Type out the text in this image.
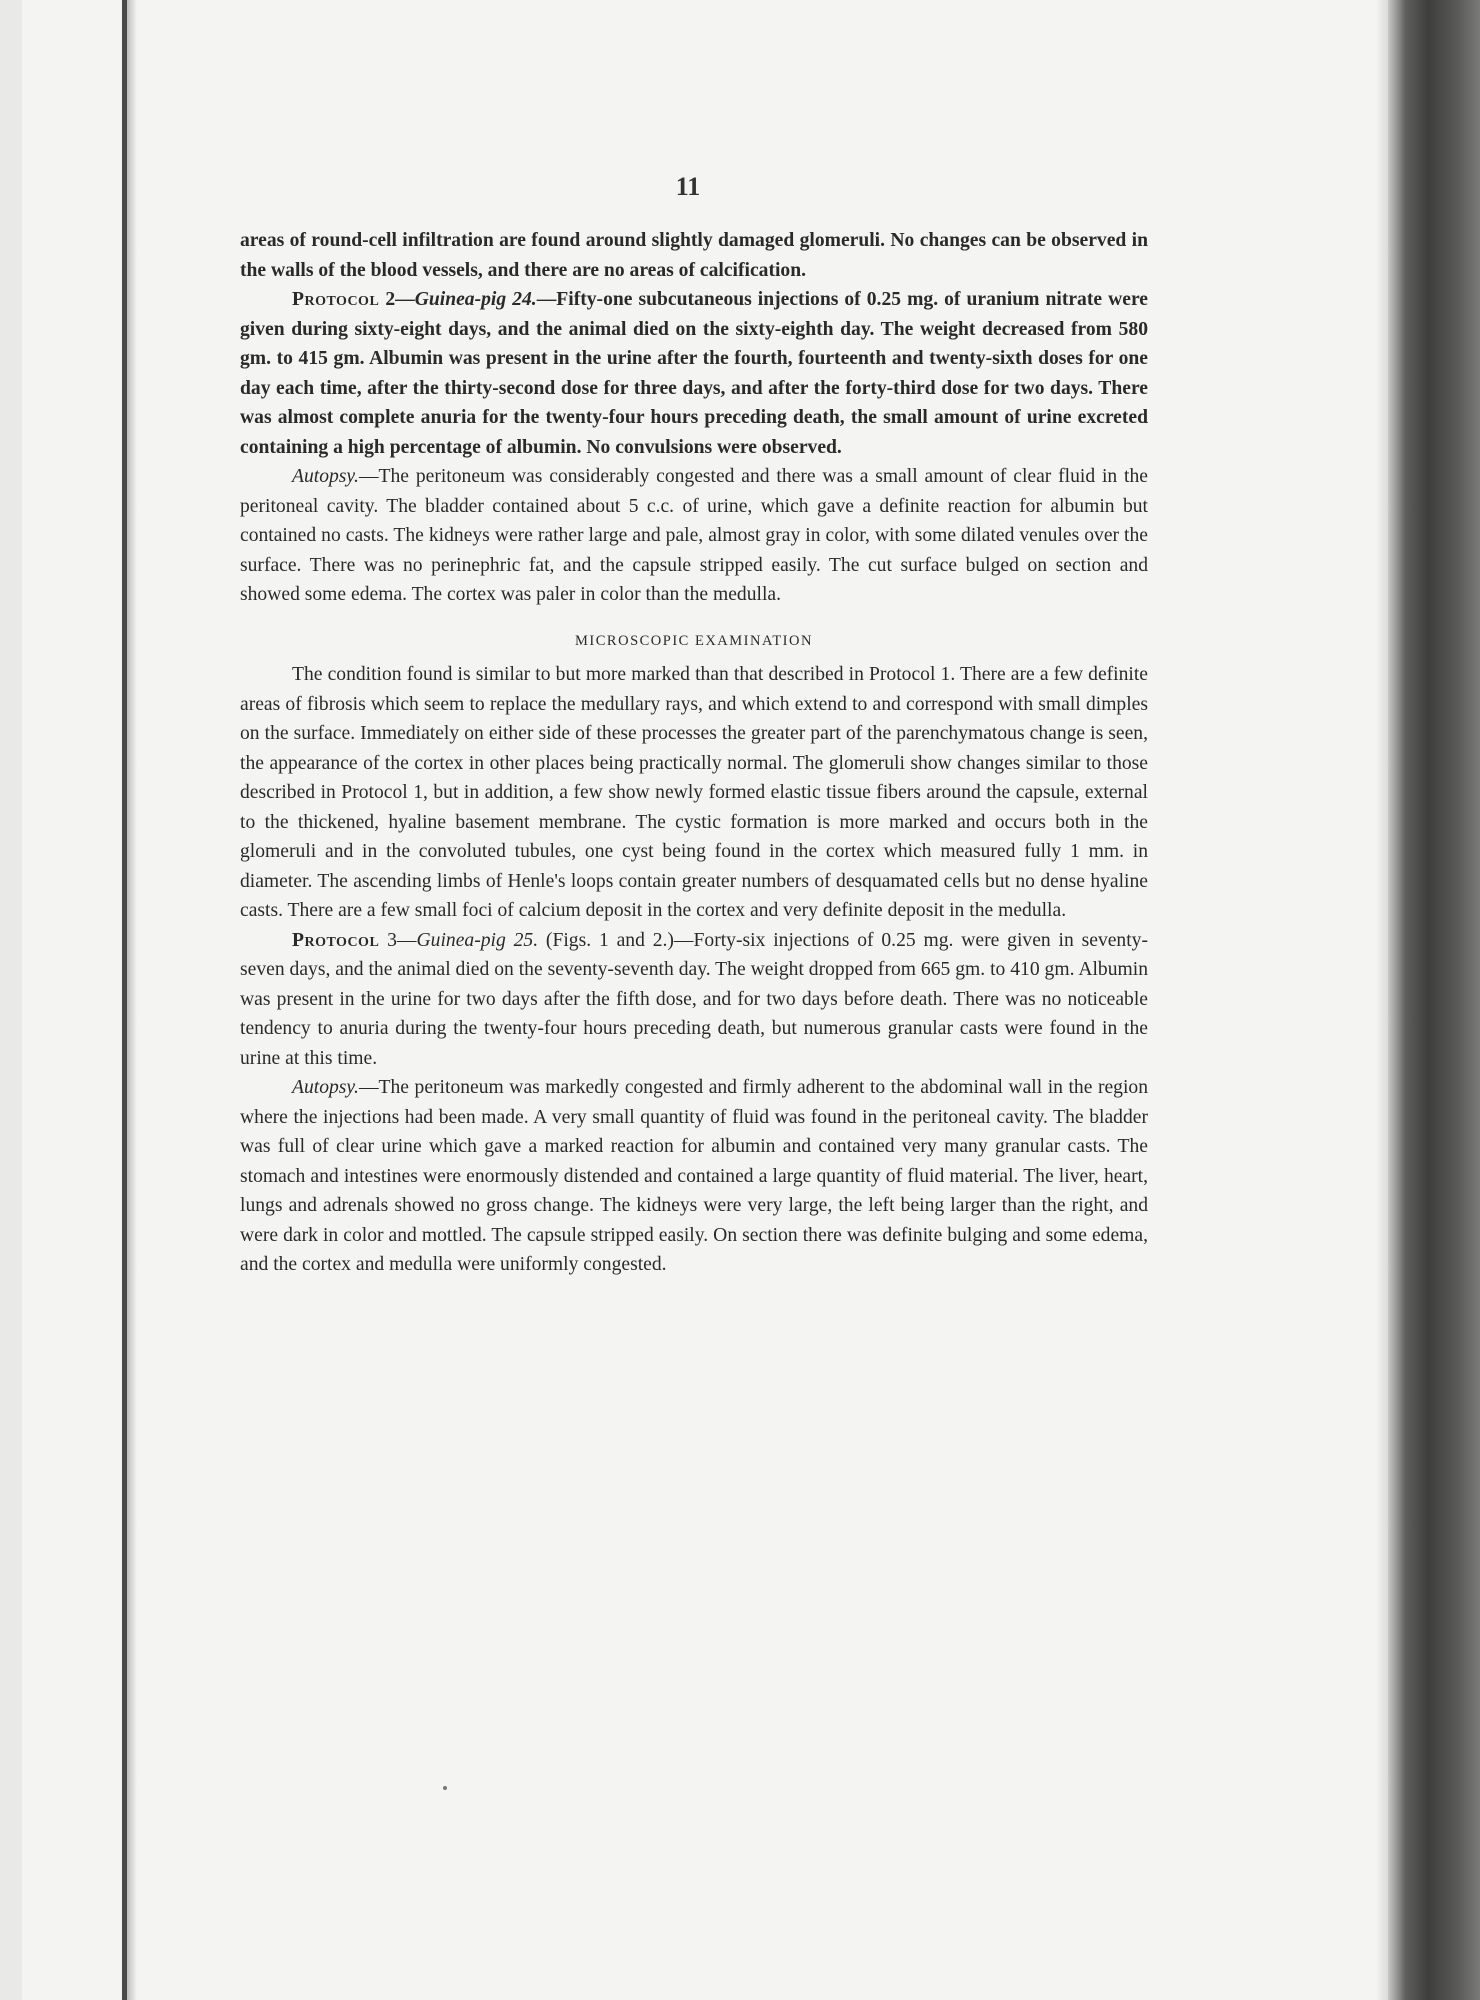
11

areas of round-cell infiltration are found around slightly damaged glomeruli. No changes can be observed in the walls of the blood vessels, and there are no areas of calcification.

Protocol 2—Guinea-pig 24.—Fifty-one subcutaneous injections of 0.25 mg. of uranium nitrate were given during sixty-eight days, and the animal died on the sixty-eighth day. The weight decreased from 580 gm. to 415 gm. Albumin was present in the urine after the fourth, fourteenth and twenty-sixth doses for one day each time, after the thirty-second dose for three days, and after the forty-third dose for two days. There was almost complete anuria for the twenty-four hours preceding death, the small amount of urine excreted containing a high percentage of albumin. No convulsions were observed.

Autopsy.—The peritoneum was considerably congested and there was a small amount of clear fluid in the peritoneal cavity. The bladder contained about 5 c.c. of urine, which gave a definite reaction for albumin but contained no casts. The kidneys were rather large and pale, almost gray in color, with some dilated venules over the surface. There was no perinephric fat, and the capsule stripped easily. The cut surface bulged on section and showed some edema. The cortex was paler in color than the medulla.

MICROSCOPIC EXAMINATION

The condition found is similar to but more marked than that described in Protocol 1. There are a few definite areas of fibrosis which seem to replace the medullary rays, and which extend to and correspond with small dimples on the surface. Immediately on either side of these processes the greater part of the parenchymatous change is seen, the appearance of the cortex in other places being practically normal. The glomeruli show changes similar to those described in Protocol 1, but in addition, a few show newly formed elastic tissue fibers around the capsule, external to the thickened, hyaline basement membrane. The cystic formation is more marked and occurs both in the glomeruli and in the convoluted tubules, one cyst being found in the cortex which measured fully 1 mm. in diameter. The ascending limbs of Henle's loops contain greater numbers of desquamated cells but no dense hyaline casts. There are a few small foci of calcium deposit in the cortex and very definite deposit in the medulla.

Protocol 3—Guinea-pig 25. (Figs. 1 and 2.)—Forty-six injections of 0.25 mg. were given in seventy-seven days, and the animal died on the seventy-seventh day. The weight dropped from 665 gm. to 410 gm. Albumin was present in the urine for two days after the fifth dose, and for two days before death. There was no noticeable tendency to anuria during the twenty-four hours preceding death, but numerous granular casts were found in the urine at this time.

Autopsy.—The peritoneum was markedly congested and firmly adherent to the abdominal wall in the region where the injections had been made. A very small quantity of fluid was found in the peritoneal cavity. The bladder was full of clear urine which gave a marked reaction for albumin and contained very many granular casts. The stomach and intestines were enormously distended and contained a large quantity of fluid material. The liver, heart, lungs and adrenals showed no gross change. The kidneys were very large, the left being larger than the right, and were dark in color and mottled. The capsule stripped easily. On section there was definite bulging and some edema, and the cortex and medulla were uniformly congested.
